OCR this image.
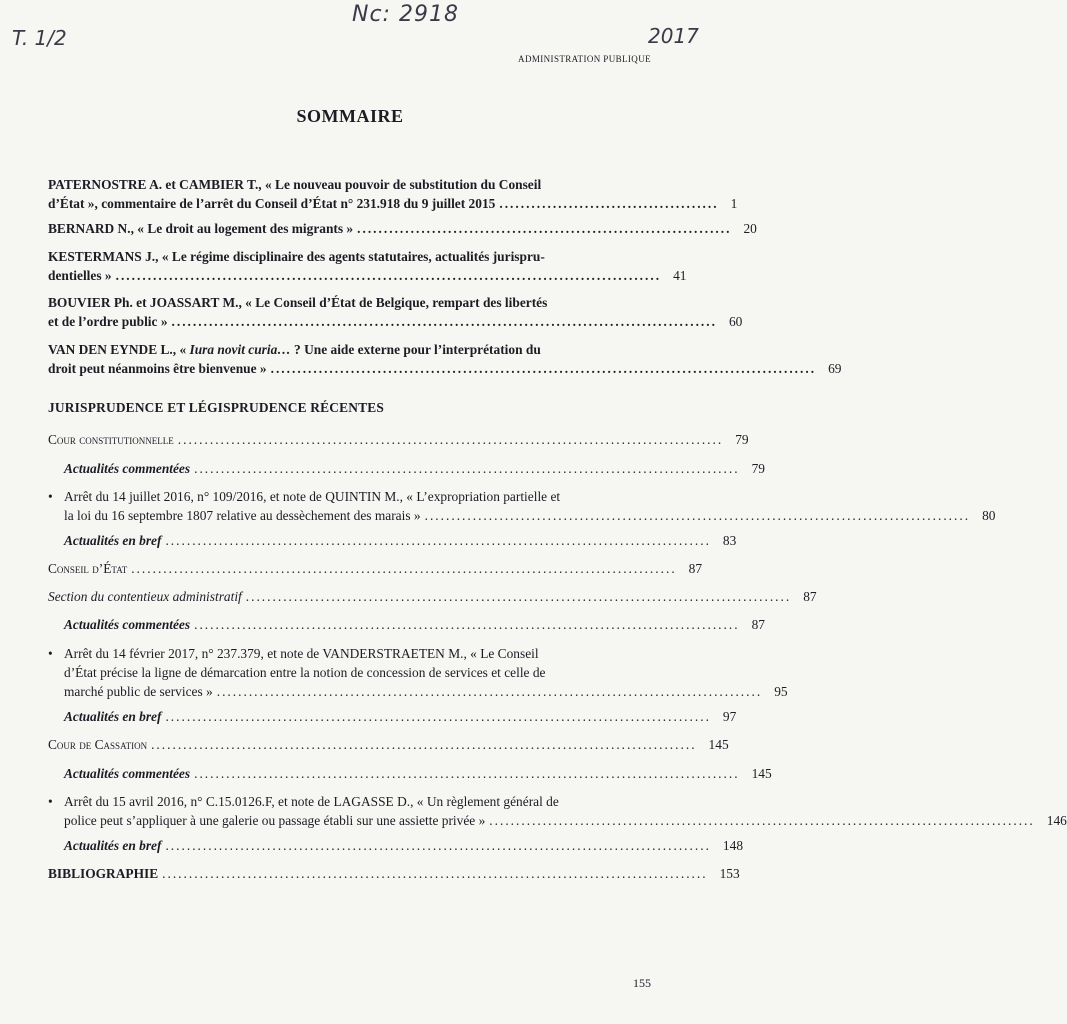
T. 1/2
Nc: 2918
2017
ADMINISTRATION PUBLIQUE
SOMMAIRE
PATERNOSTRE A. et CAMBIER T., « Le nouveau pouvoir de substitution du Conseil
d’État », commentaire de l’arrêt du Conseil d’État n° 231.918 du 9 juillet 2015 ......................................... 1
BERNARD N., « Le droit au logement des migrants » ...................................................................... 20
KESTERMANS J., « Le régime disciplinaire des agents statutaires, actualités jurispru-
dentielles » ...................................................................................................... 41
BOUVIER Ph. et JOASSART M., « Le Conseil d’État de Belgique, rempart des libertés
et de l’ordre public » ...................................................................................................... 60
VAN DEN EYNDE L., « Iura novit curia… ? Une aide externe pour l’interprétation du
droit peut néanmoins être bienvenue » ...................................................................................................... 69
JURISPRUDENCE ET LÉGISPRUDENCE RÉCENTES
Cour constitutionnelle ...................................................................................................... 79
Actualités commentées ...................................................................................................... 79
• Arrêt du 14 juillet 2016, n° 109/2016, et note de QUINTIN M., « L’expropriation partielle et
la loi du 16 septembre 1807 relative au dessèchement des marais » ...................................................................................................... 80
Actualités en bref ...................................................................................................... 83
Conseil d’État ...................................................................................................... 87
Section du contentieux administratif ...................................................................................................... 87
Actualités commentées ...................................................................................................... 87
• Arrêt du 14 février 2017, n° 237.379, et note de VANDERSTRAETEN M., « Le Conseil
d’État précise la ligne de démarcation entre la notion de concession de services et celle de
marché public de services » ...................................................................................................... 95
Actualités en bref ...................................................................................................... 97
Cour de Cassation ...................................................................................................... 145
Actualités commentées ...................................................................................................... 145
• Arrêt du 15 avril 2016, n° C.15.0126.F, et note de LAGASSE D., « Un règlement général de
police peut s’appliquer à une galerie ou passage établi sur une assiette privée » ...................................................................................................... 146
Actualités en bref ...................................................................................................... 148
BIBLIOGRAPHIE ...................................................................................................... 153
155
